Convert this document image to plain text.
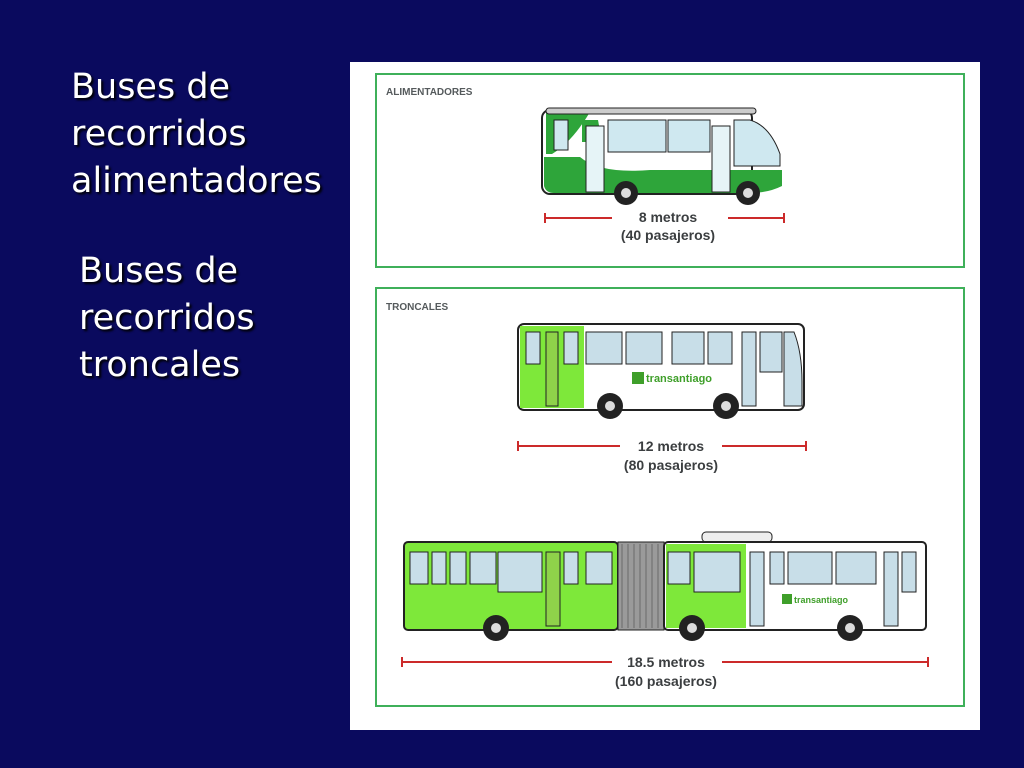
Buses de
recorridos
alimentadores
Buses de
recorridos
troncales
ALIMENTADORES
8 metros
(40 pasajeros)
TRONCALES
transantiago
12 metros
(80 pasajeros)
transantiago
18.5 metros
(160 pasajeros)
